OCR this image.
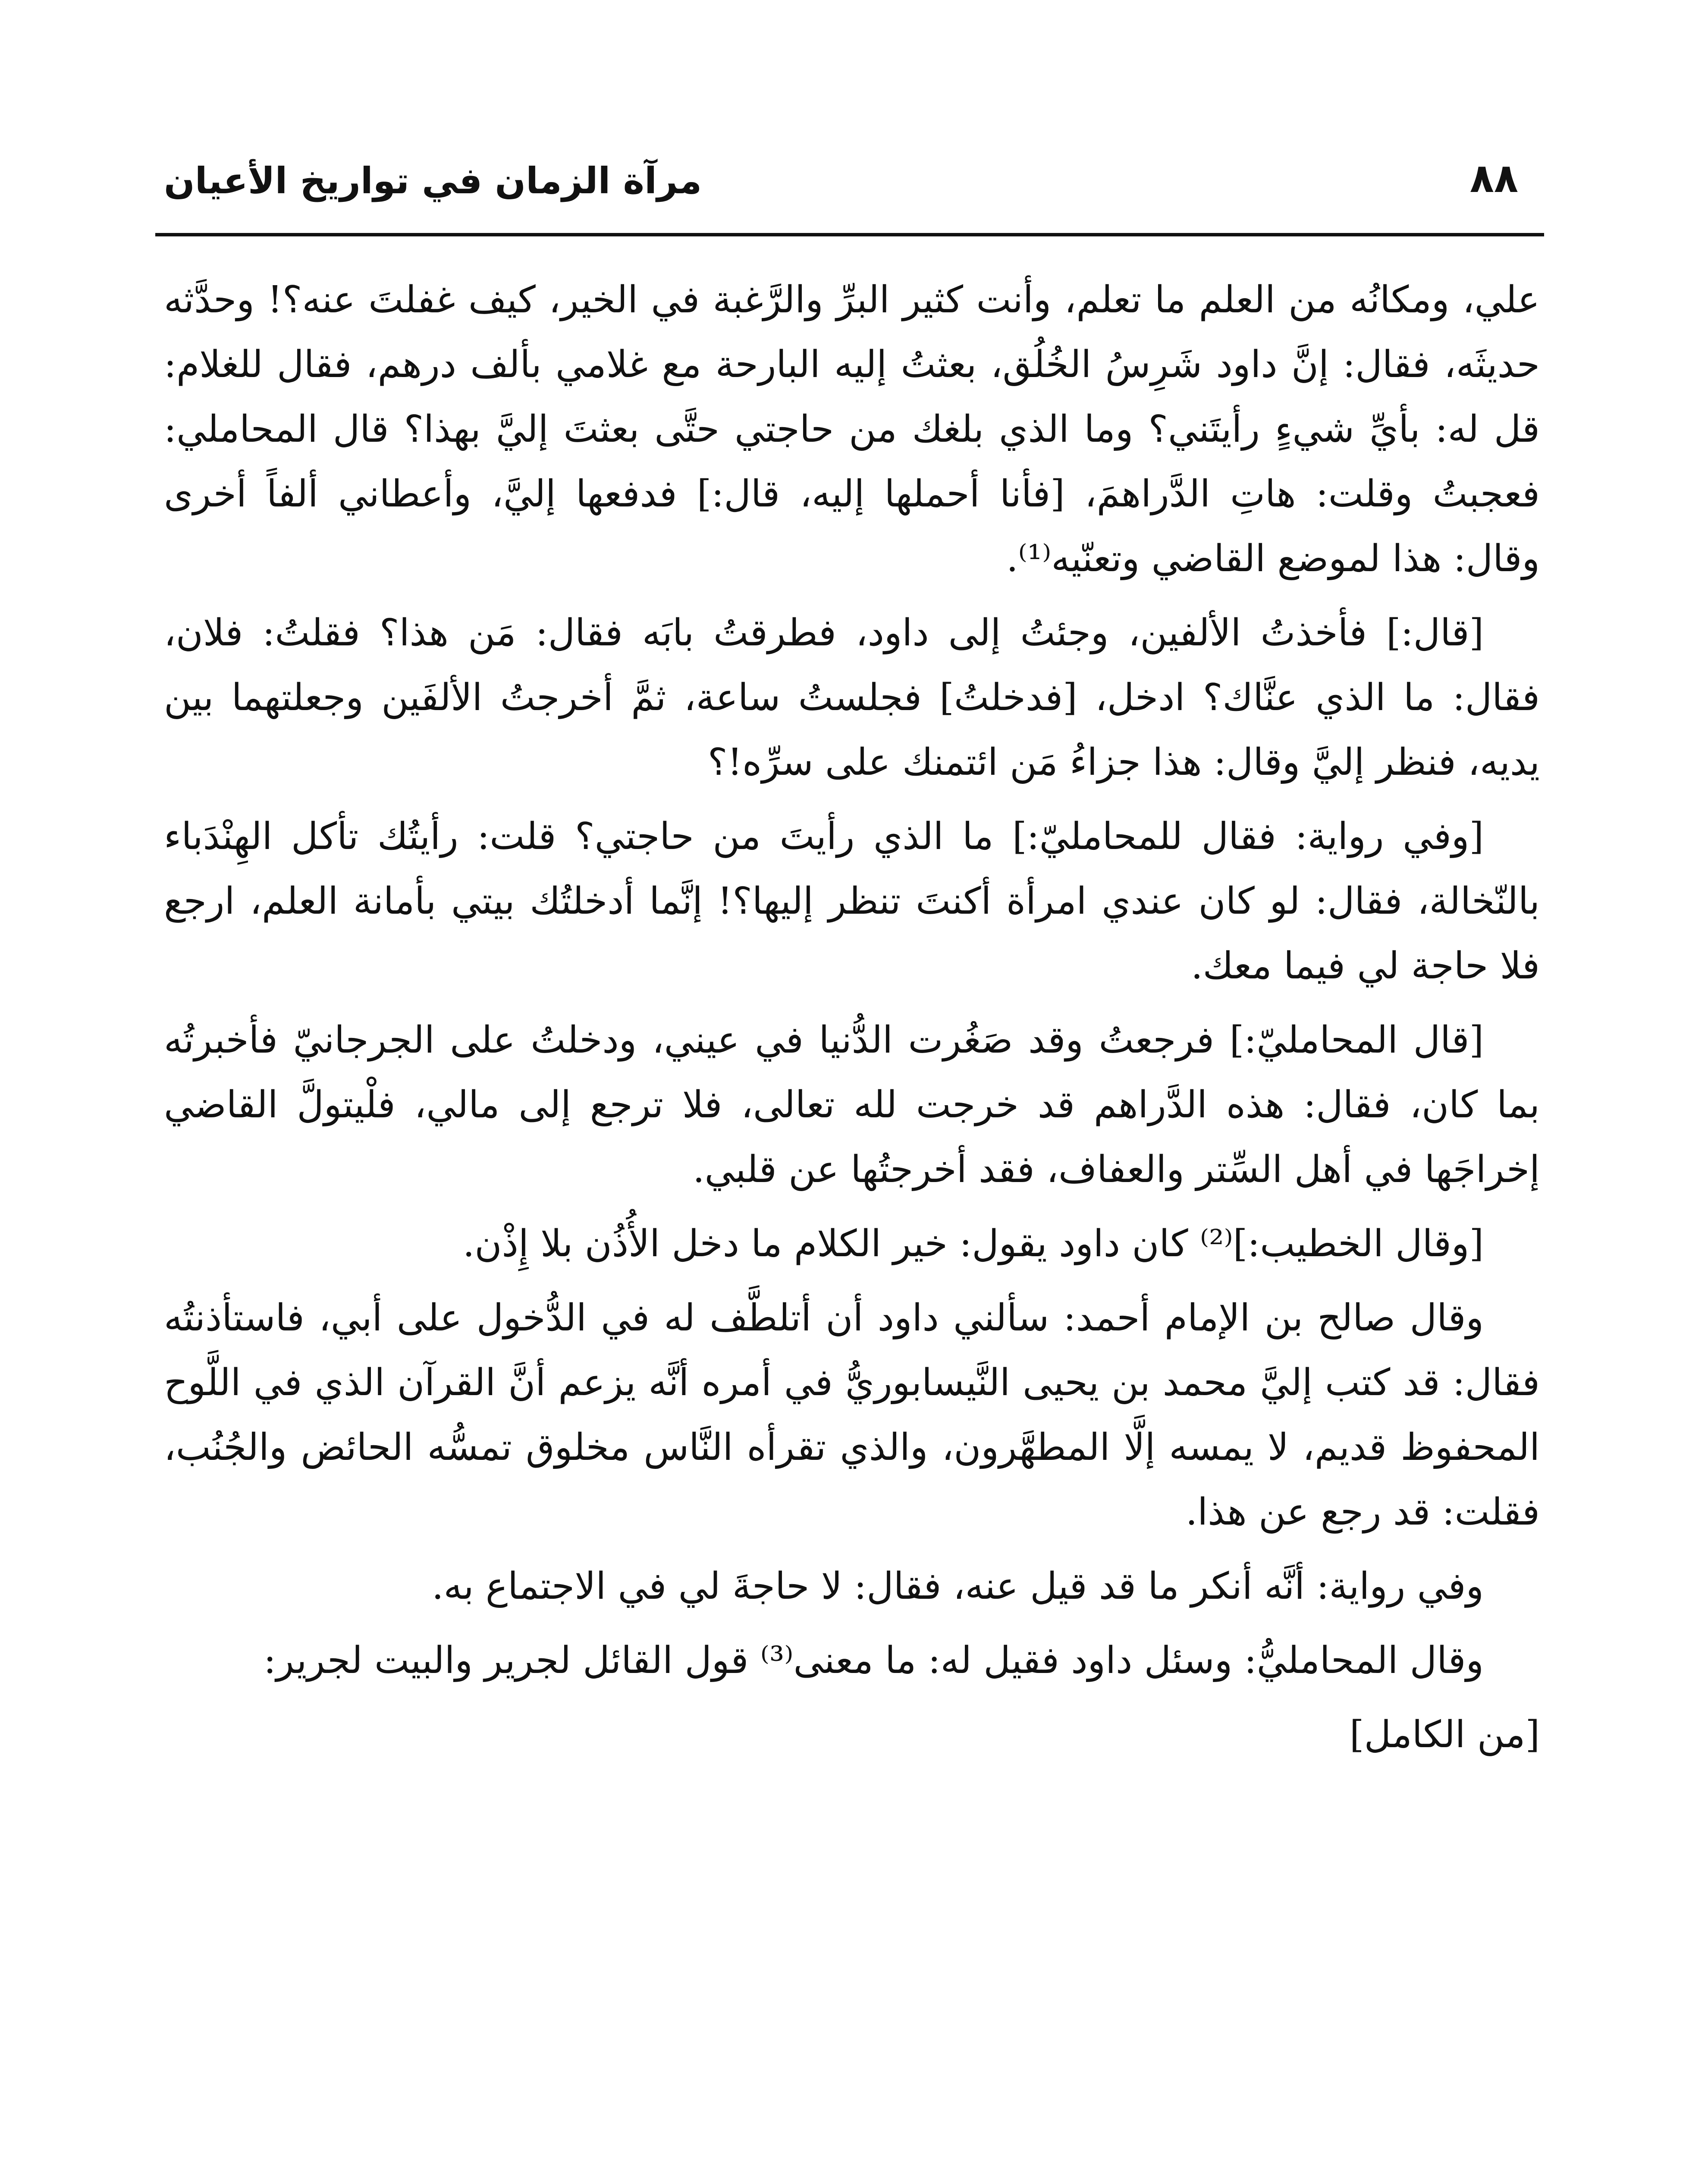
٨٨
مرآة الزمان في تواريخ الأعيان

علي، ومكانُه من العلم ما تعلم، وأنت كثير البرِّ والرَّغبة في الخير، كيف غفلتَ عنه؟! وحدَّثه حديثَه، فقال: إنَّ داود شَرِسُ الخُلُق، بعثتُ إليه البارحة مع غلامي بألف درهم، فقال للغلام: قل له: بأيِّ شيءٍ رأيتَني؟ وما الذي بلغك من حاجتي حتَّى بعثتَ إليَّ بهذا؟ قال المحاملي: فعجبتُ وقلت: هاتِ الدَّراهمَ، [فأنا أحملها إليه، قال:] فدفعها إليَّ، وأعطاني ألفاً أخرى وقال: هذا لموضع القاضي وتعنّيه⁽¹⁾.

[قال:] فأخذتُ الألفين، وجئتُ إلى داود، فطرقتُ بابَه فقال: مَن هذا؟ فقلتُ: فلان، فقال: ما الذي عنَّاك؟ ادخل، [فدخلتُ] فجلستُ ساعة، ثمَّ أخرجتُ الألفَين وجعلتهما بين يديه، فنظر إليَّ وقال: هذا جزاءُ مَن ائتمنك على سرِّه!؟

[وفي رواية: فقال للمحامليّ:] ما الذي رأيتَ من حاجتي؟ قلت: رأيتُك تأكل الهِنْدَباء بالنّخالة، فقال: لو كان عندي امرأة أكنتَ تنظر إليها؟! إنَّما أدخلتُك بيتي بأمانة العلم، ارجع فلا حاجة لي فيما معك.

[قال المحامليّ:] فرجعتُ وقد صَغُرت الدُّنيا في عيني، ودخلتُ على الجرجانيّ فأخبرتُه بما كان، فقال: هذه الدَّراهم قد خرجت لله تعالى، فلا ترجع إلى مالي، فلْيتولَّ القاضي إخراجَها في أهل السِّتر والعفاف، فقد أخرجتُها عن قلبي.

[وقال الخطيب:]⁽²⁾ كان داود يقول: خير الكلام ما دخل الأُذُن بلا إِذْن.

وقال صالح بن الإمام أحمد: سألني داود أن أتلطَّف له في الدُّخول على أبي، فاستأذنتُه فقال: قد كتب إليَّ محمد بن يحيى النَّيسابوريُّ في أمره أنَّه يزعم أنَّ القرآن الذي في اللَّوح المحفوظ قديم، لا يمسه إلَّا المطهَّرون، والذي تقرأه النَّاس مخلوق تمسُّه الحائض والجُنُب، فقلت: قد رجع عن هذا.

وفي رواية: أنَّه أنكر ما قد قيل عنه، فقال: لا حاجةَ لي في الاجتماع به.

وقال المحامليُّ: وسئل داود فقيل له: ما معنى⁽³⁾ قول القائل لجرير والبيت لجرير:

[من الكامل]
